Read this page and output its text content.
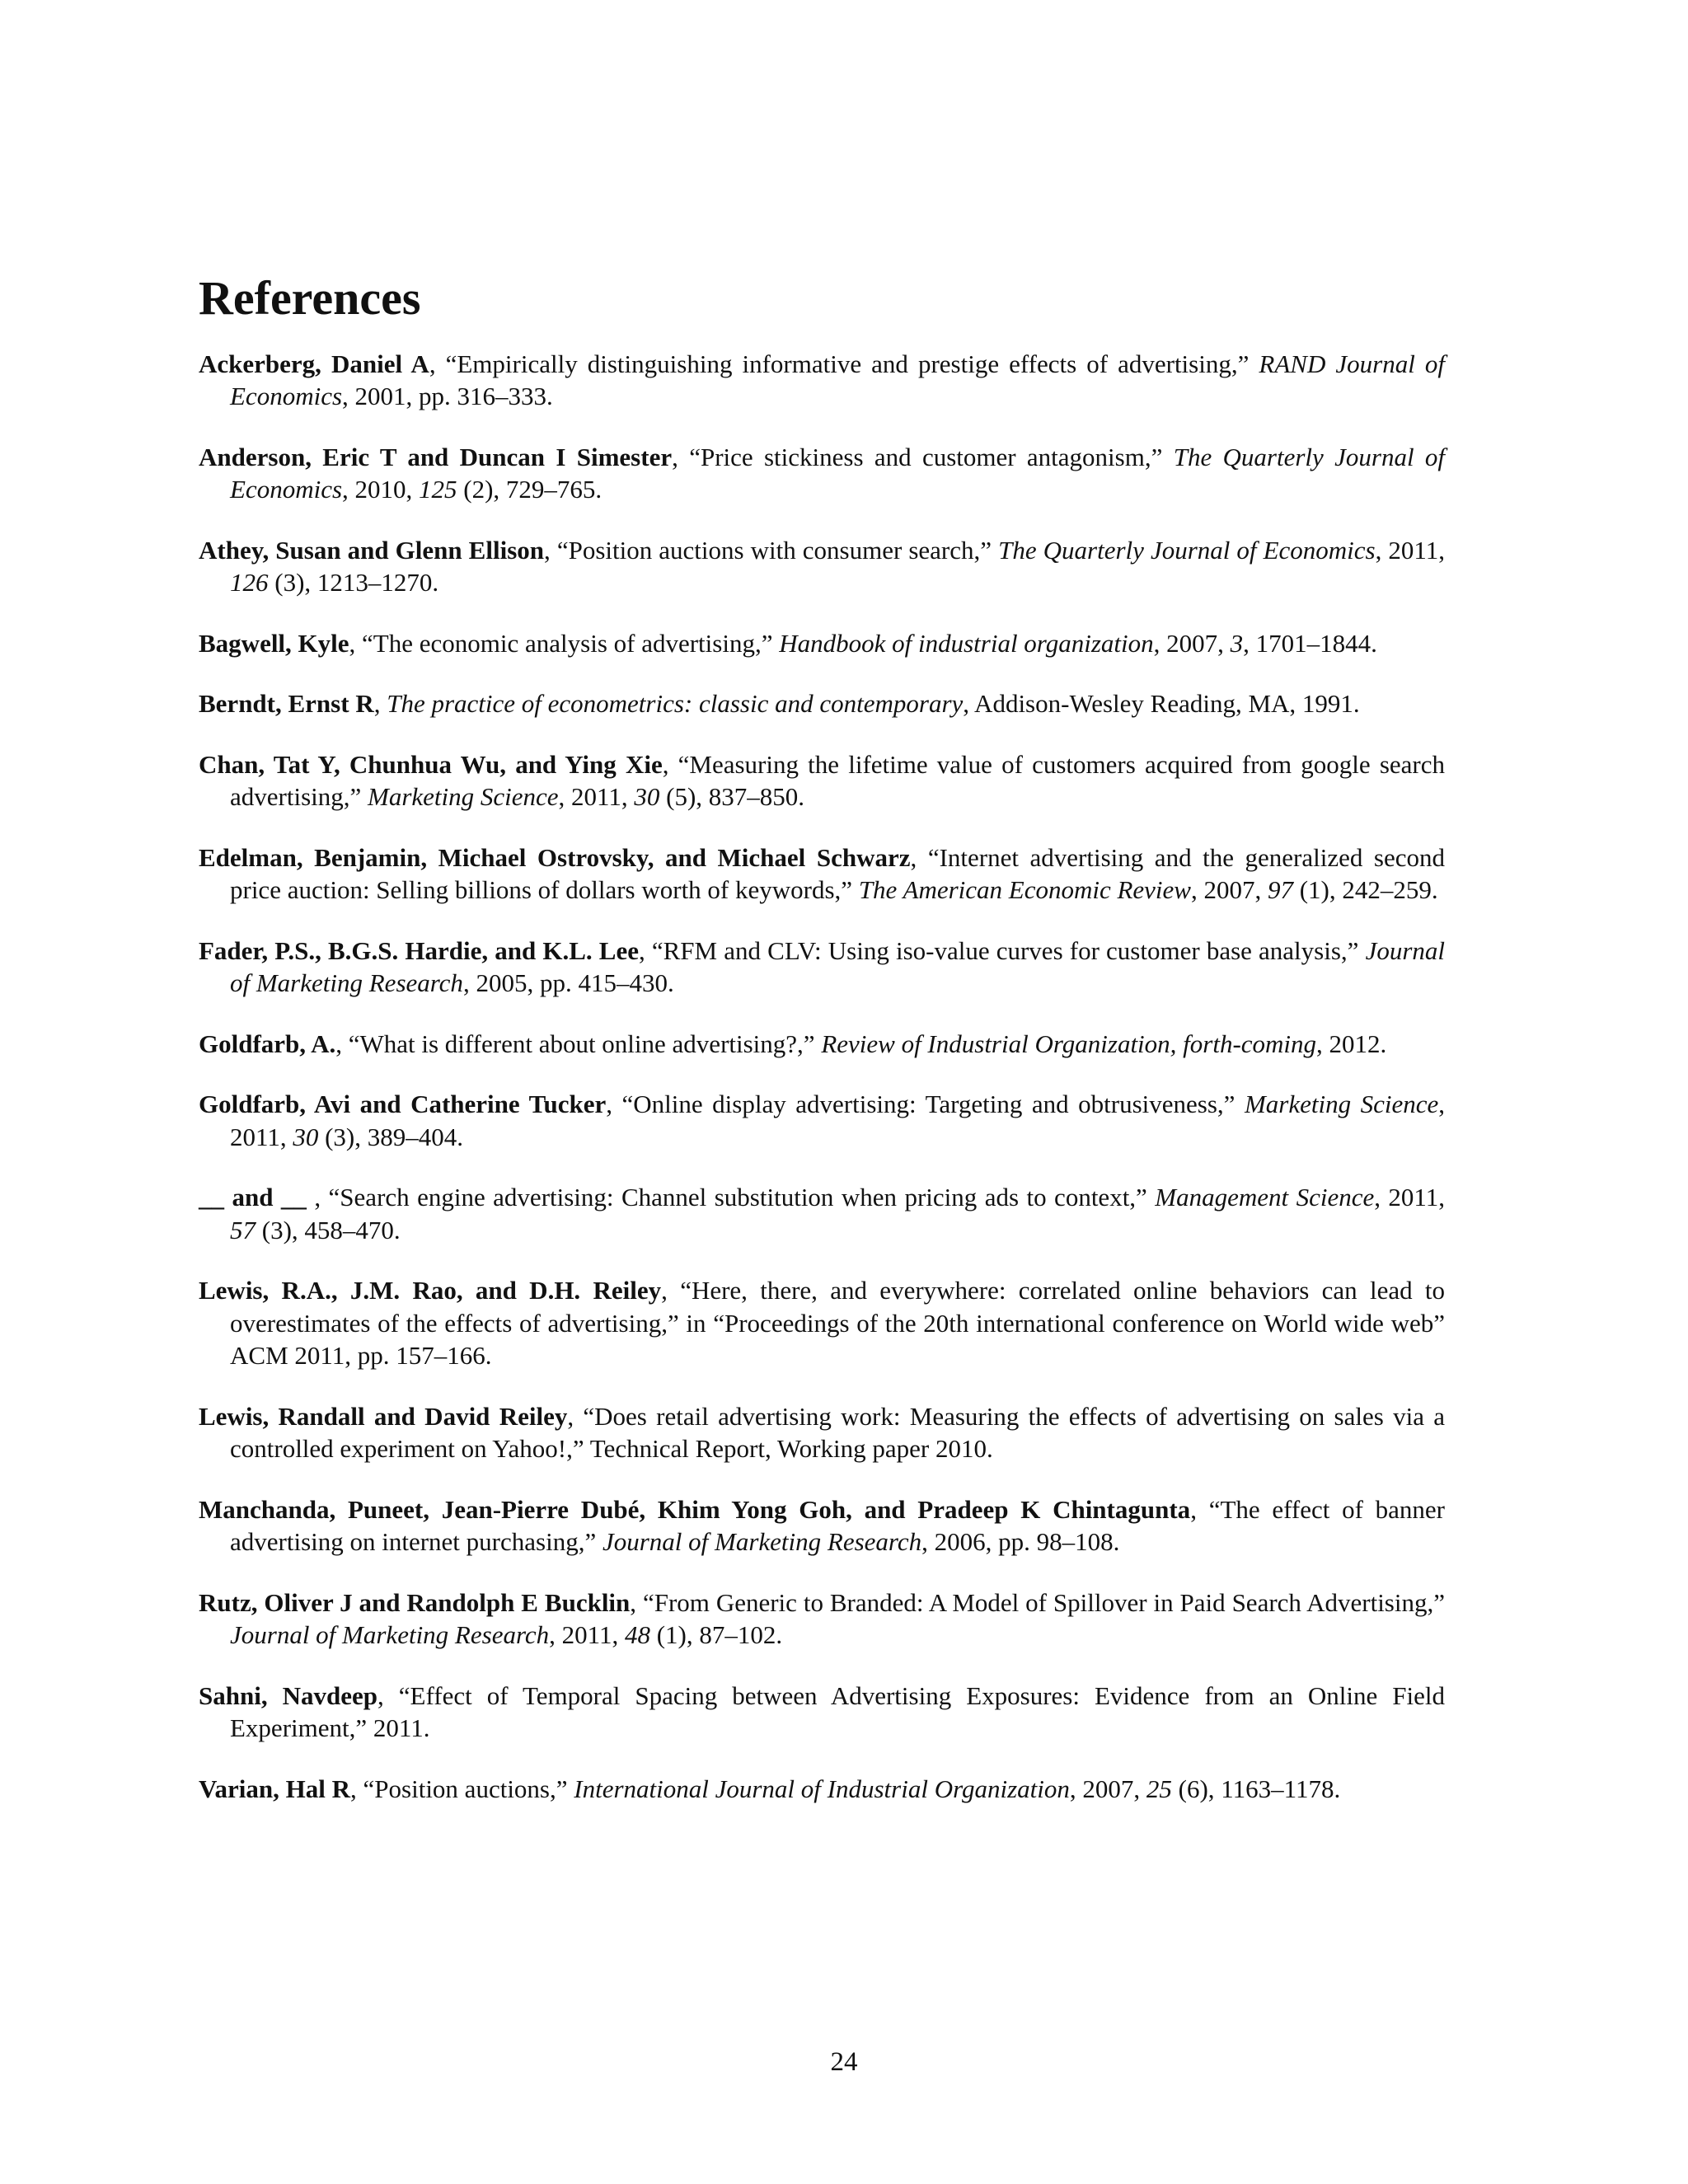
References
Ackerberg, Daniel A, “Empirically distinguishing informative and prestige effects of advertising,” RAND Journal of Economics, 2001, pp. 316–333.
Anderson, Eric T and Duncan I Simester, “Price stickiness and customer antagonism,” The Quarterly Journal of Economics, 2010, 125 (2), 729–765.
Athey, Susan and Glenn Ellison, “Position auctions with consumer search,” The Quarterly Journal of Economics, 2011, 126 (3), 1213–1270.
Bagwell, Kyle, “The economic analysis of advertising,” Handbook of industrial organization, 2007, 3, 1701–1844.
Berndt, Ernst R, The practice of econometrics: classic and contemporary, Addison-Wesley Reading, MA, 1991.
Chan, Tat Y, Chunhua Wu, and Ying Xie, “Measuring the lifetime value of customers acquired from google search advertising,” Marketing Science, 2011, 30 (5), 837–850.
Edelman, Benjamin, Michael Ostrovsky, and Michael Schwarz, “Internet advertising and the generalized second price auction: Selling billions of dollars worth of keywords,” The American Economic Review, 2007, 97 (1), 242–259.
Fader, P.S., B.G.S. Hardie, and K.L. Lee, “RFM and CLV: Using iso-value curves for customer base analysis,” Journal of Marketing Research, 2005, pp. 415–430.
Goldfarb, A., “What is different about online advertising?,” Review of Industrial Organization, forth-coming, 2012.
Goldfarb, Avi and Catherine Tucker, “Online display advertising: Targeting and obtrusiveness,” Marketing Science, 2011, 30 (3), 389–404.
__ and __ , “Search engine advertising: Channel substitution when pricing ads to context,” Management Science, 2011, 57 (3), 458–470.
Lewis, R.A., J.M. Rao, and D.H. Reiley, “Here, there, and everywhere: correlated online behaviors can lead to overestimates of the effects of advertising,” in “Proceedings of the 20th international conference on World wide web” ACM 2011, pp. 157–166.
Lewis, Randall and David Reiley, “Does retail advertising work: Measuring the effects of advertising on sales via a controlled experiment on Yahoo!,” Technical Report, Working paper 2010.
Manchanda, Puneet, Jean-Pierre Dubé, Khim Yong Goh, and Pradeep K Chintagunta, “The effect of banner advertising on internet purchasing,” Journal of Marketing Research, 2006, pp. 98–108.
Rutz, Oliver J and Randolph E Bucklin, “From Generic to Branded: A Model of Spillover in Paid Search Advertising,” Journal of Marketing Research, 2011, 48 (1), 87–102.
Sahni, Navdeep, “Effect of Temporal Spacing between Advertising Exposures: Evidence from an Online Field Experiment,” 2011.
Varian, Hal R, “Position auctions,” International Journal of Industrial Organization, 2007, 25 (6), 1163–1178.
24
